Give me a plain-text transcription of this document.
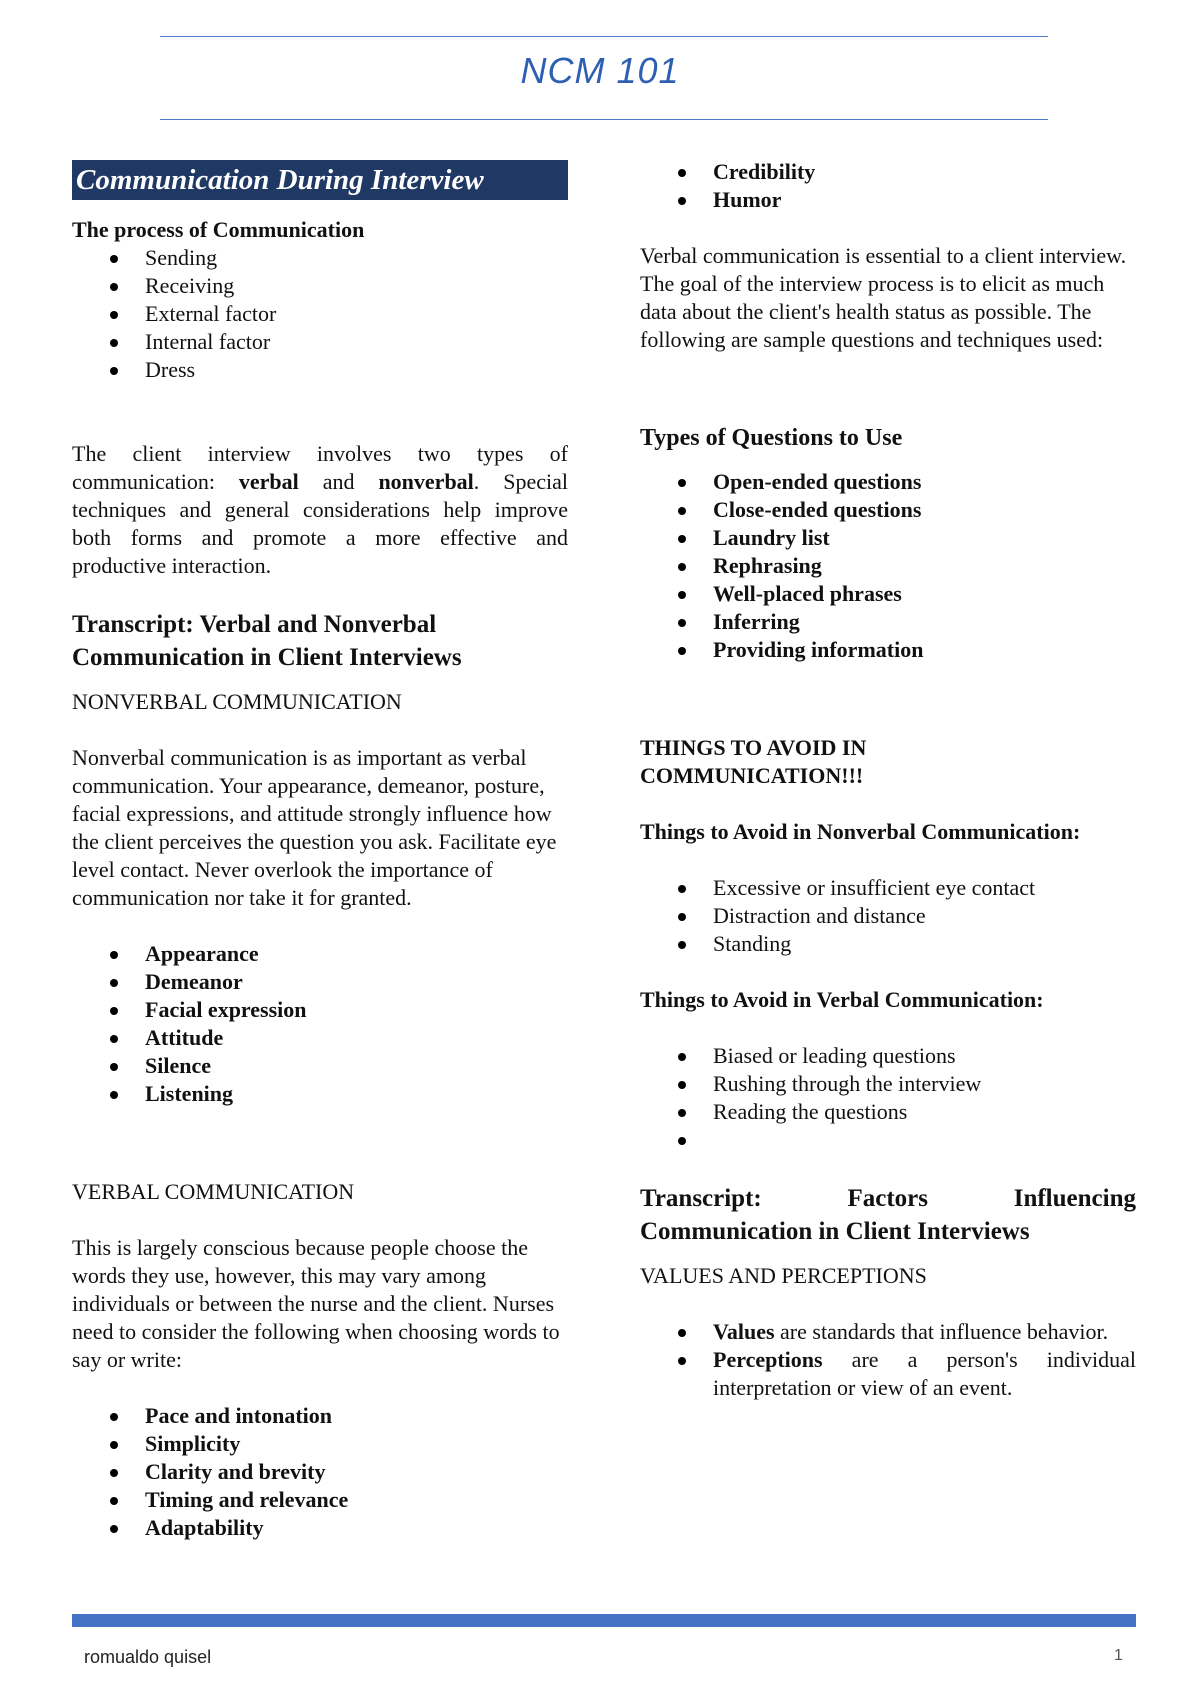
NCM 101
Communication During Interview
The process of Communication
Sending
Receiving
External factor
Internal factor
Dress

The client interview involves two types of communication: verbal and nonverbal. Special techniques and general considerations help improve both forms and promote a more effective and productive interaction.

Transcript: Verbal and Nonverbal Communication in Client Interviews

NONVERBAL COMMUNICATION

Nonverbal communication is as important as verbal communication. Your appearance, demeanor, posture, facial expressions, and attitude strongly influence how the client perceives the question you ask. Facilitate eye level contact. Never overlook the importance of communication nor take it for granted.

Appearance
Demeanor
Facial expression
Attitude
Silence
Listening

VERBAL COMMUNICATION

This is largely conscious because people choose the words they use, however, this may vary among individuals or between the nurse and the client. Nurses need to consider the following when choosing words to say or write:

Pace and intonation
Simplicity
Clarity and brevity
Timing and relevance
Adaptability
Credibility
Humor

Verbal communication is essential to a client interview. The goal of the interview process is to elicit as much data about the client's health status as possible. The following are sample questions and techniques used:

Types of Questions to Use
Open-ended questions
Close-ended questions
Laundry list
Rephrasing
Well-placed phrases
Inferring
Providing information
THINGS TO AVOID IN
COMMUNICATION!!!
Things to Avoid in Nonverbal Communication:
Excessive or insufficient eye contact
Distraction and distance
Standing
Things to Avoid in Verbal Communication:
Biased or leading questions
Rushing through the interview
Reading the questions
Transcript:	Factors	Influencing
Communication in Client Interviews

VALUES AND PERCEPTIONS

Values are standards that influence behavior.
Perceptions are a person's individual interpretation or view of an event.
romualdo quisel	1
